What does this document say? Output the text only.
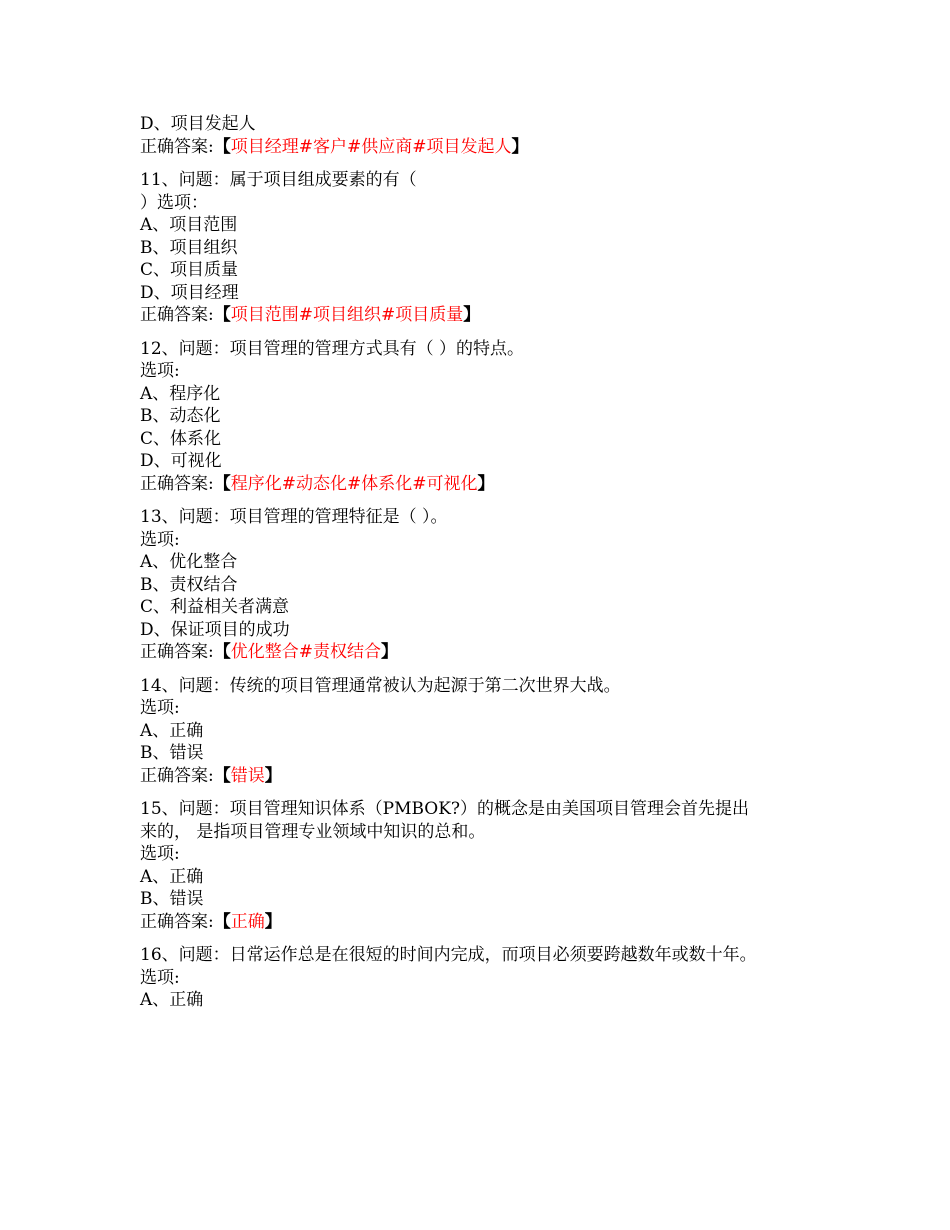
D、项目发起人
正确答案:【项目经理#客户#供应商#项目发起人】
11、问题：属于项目组成要素的有（
）选项：
A、项目范围
B、项目组织
C、项目质量
D、项目经理
正确答案:【项目范围#项目组织#项目质量】
12、问题：项目管理的管理方式具有（ ）的特点。
选项:
A、程序化
B、动态化
C、体系化
D、可视化
正确答案:【程序化#动态化#体系化#可视化】
13、问题：项目管理的管理特征是（ ）。
选项:
A、优化整合
B、责权结合
C、利益相关者满意
D、保证项目的成功
正确答案:【优化整合#责权结合】
14、问题：传统的项目管理通常被认为起源于第二次世界大战。
选项:
A、正确
B、错误
正确答案:【错误】
15、问题：项目管理知识体系（PMBOK?）的概念是由美国项目管理会首先提出
来的， 是指项目管理专业领域中知识的总和。
选项:
A、正确
B、错误
正确答案:【正确】
16、问题：日常运作总是在很短的时间内完成，而项目必须要跨越数年或数十年。
选项:
A、正确
